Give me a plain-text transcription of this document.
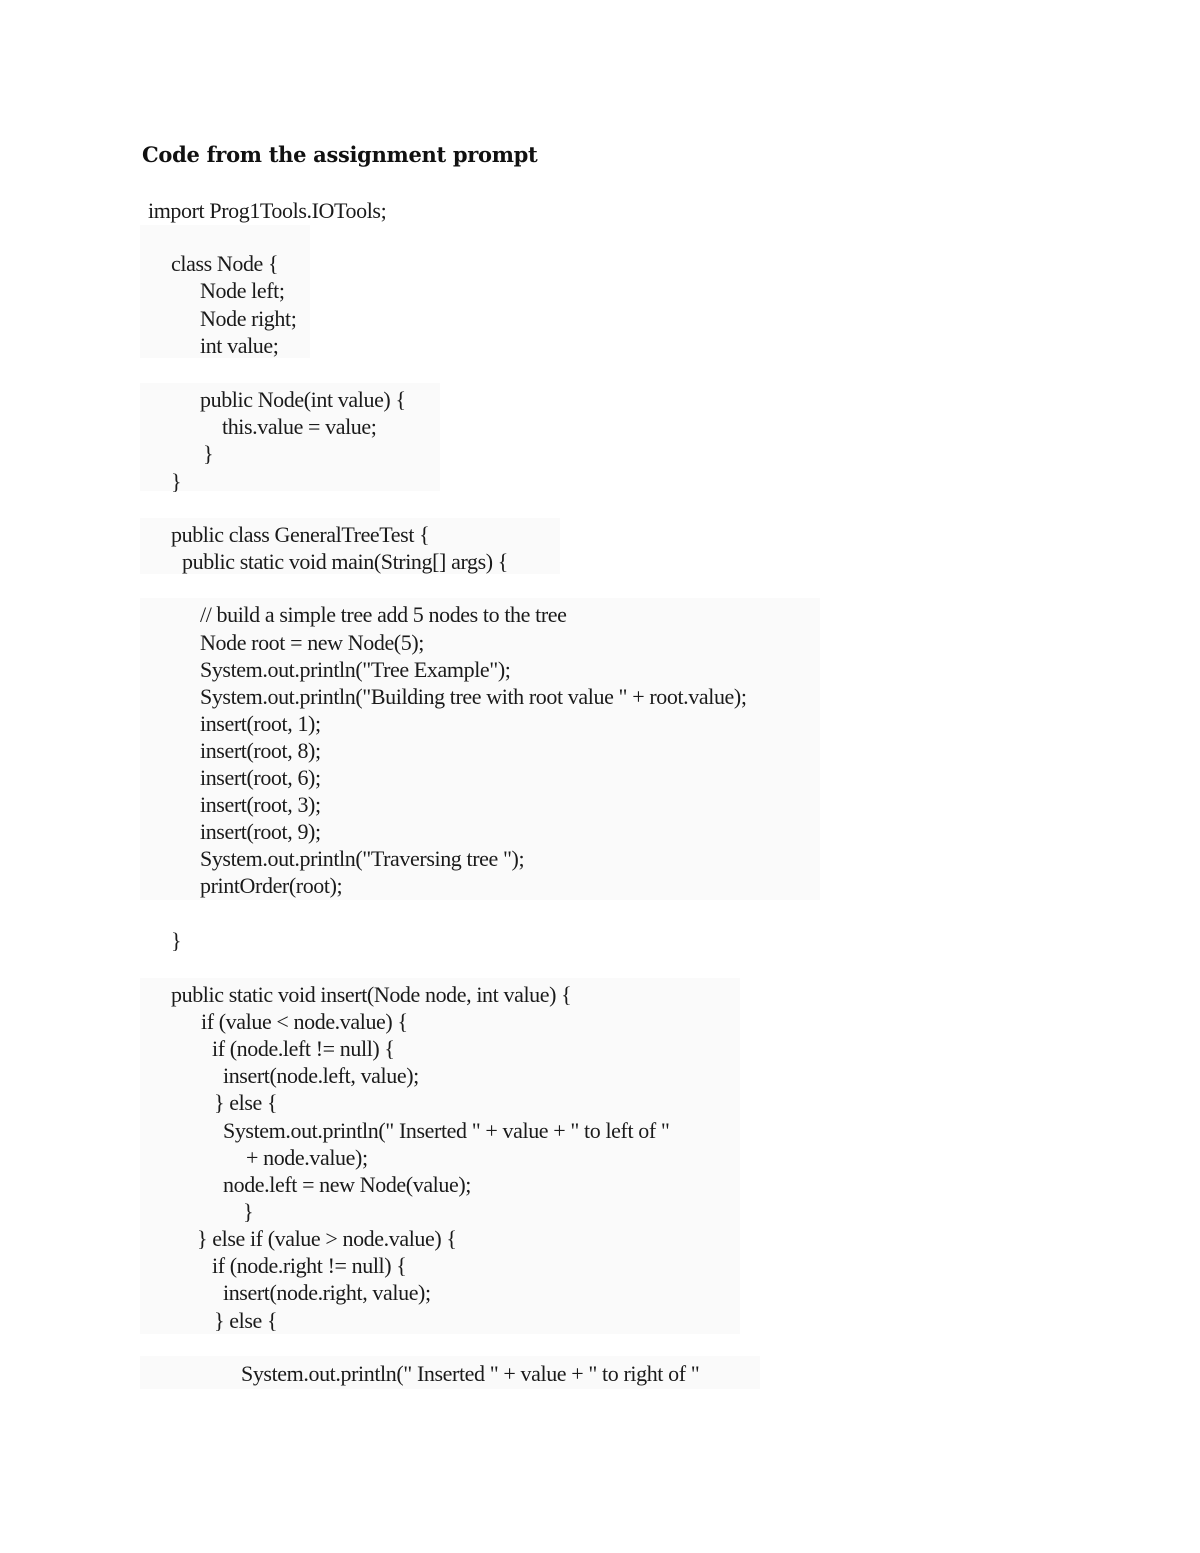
Code from the assignment prompt
import Prog1Tools.IOTools;
class Node {
Node left;
Node right;
int value;
public Node(int value) {
this.value = value;
}
}
public class GeneralTreeTest {
public static void main(String[] args) {
// build a simple tree add 5 nodes to the tree
Node root = new Node(5);
System.out.println("Tree Example");
System.out.println("Building tree with root value " + root.value);
insert(root, 1);
insert(root, 8);
insert(root, 6);
insert(root, 3);
insert(root, 9);
System.out.println("Traversing tree ");
printOrder(root);
}
public static void insert(Node node, int value) {
if (value < node.value) {
if (node.left != null) {
insert(node.left, value);
} else {
System.out.println(" Inserted " + value + " to left of "
+ node.value);
node.left = new Node(value);
}
} else if (value > node.value) {
if (node.right != null) {
insert(node.right, value);
} else {
System.out.println(" Inserted " + value + " to right of "
